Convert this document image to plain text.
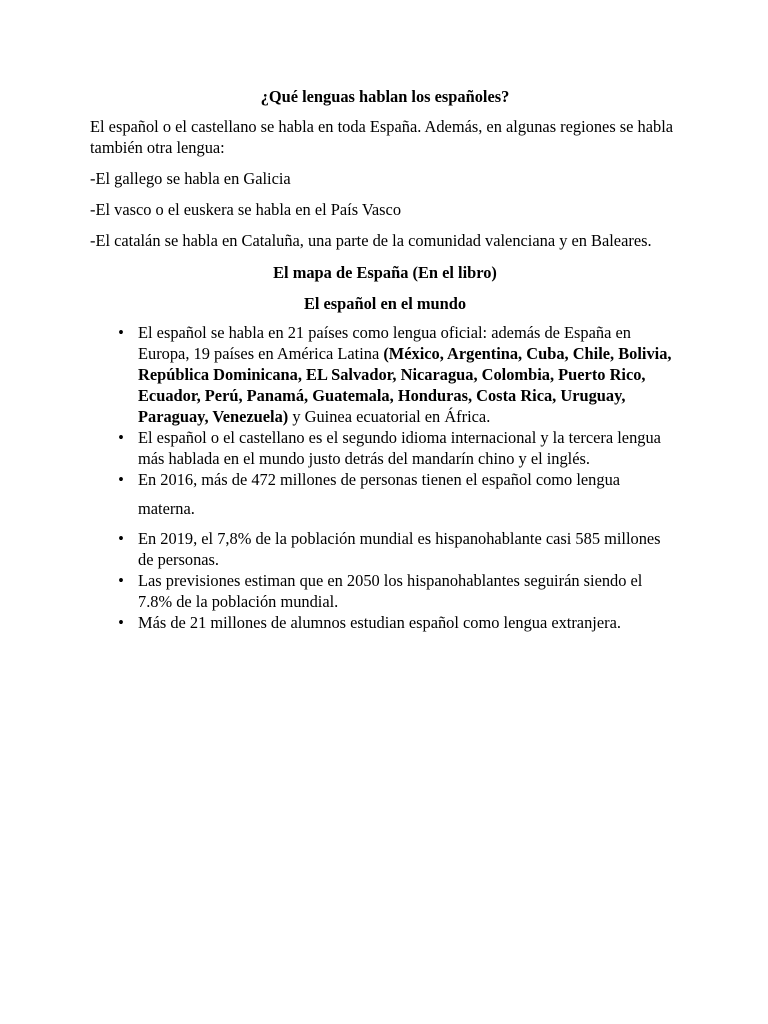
¿Qué lenguas hablan los españoles?

El español o el castellano se habla en toda España. Además, en algunas regiones se habla también otra lengua:

-El gallego se habla en Galicia

-El vasco o el euskera se habla en el País Vasco

-El catalán se habla en Cataluña, una parte de la comunidad valenciana y en Baleares.

El mapa de España (En el libro)
El español en el mundo
• El español se habla en 21 países como lengua oficial: además de España en Europa, 19 países en América Latina (México, Argentina, Cuba, Chile, Bolivia, República Dominicana, EL Salvador, Nicaragua, Colombia, Puerto Rico, Ecuador, Perú, Panamá, Guatemala, Honduras, Costa Rica, Uruguay, Paraguay, Venezuela) y Guinea ecuatorial en África.
• El español o el castellano es el segundo idioma internacional y la tercera lengua más hablada en el mundo justo detrás del mandarín chino y el inglés.
• En 2016, más de 472 millones de personas tienen el español como lengua
materna.
• En 2019, el 7,8% de la población mundial es hispanohablante casi 585 millones de personas.
• Las previsiones estiman que en 2050 los hispanohablantes seguirán siendo el 7.8% de la población mundial.
• Más de 21 millones de alumnos estudian español como lengua extranjera.
